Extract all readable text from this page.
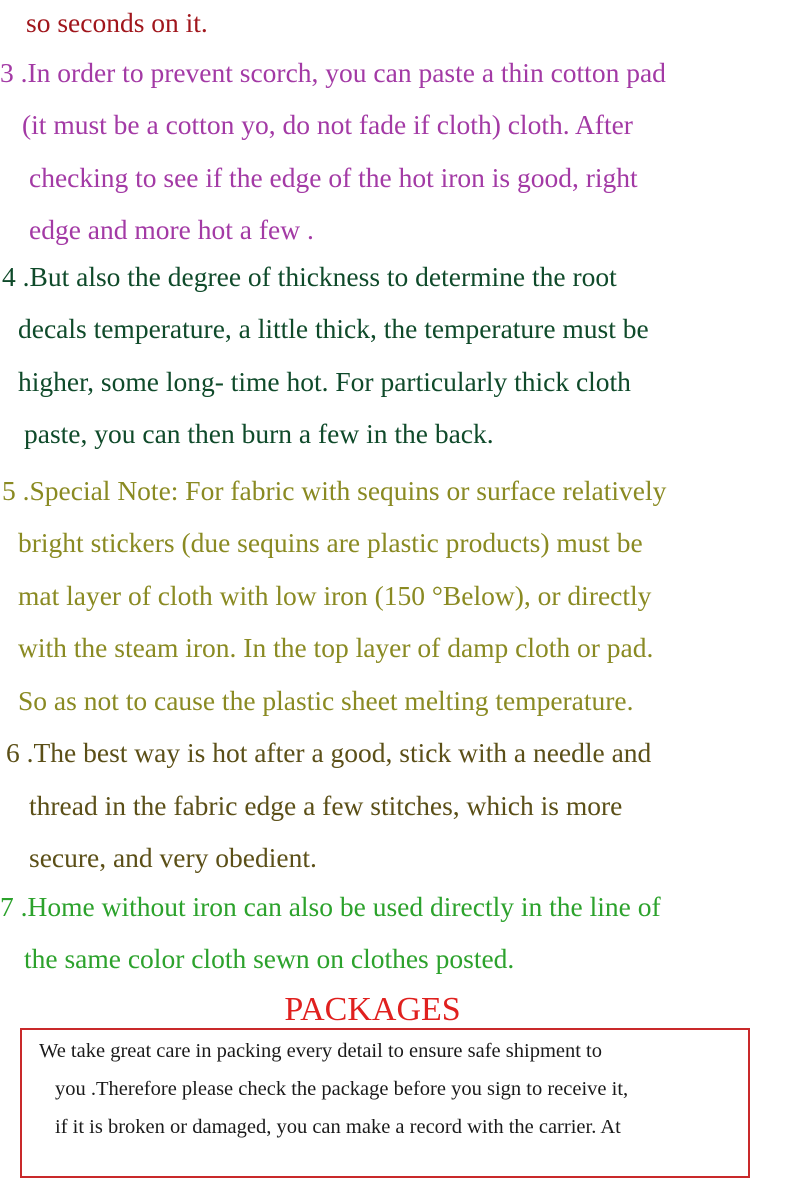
so seconds on it.
3 .In order to prevent scorch, you can paste a thin cotton pad
(it must be a cotton yo, do not fade if cloth) cloth. After
checking to see if the edge of the hot iron is good, right
edge and more hot a few .
4 .But also the degree of thickness to determine the root
decals temperature, a little thick, the temperature must be
higher, some long- time hot. For particularly thick cloth
paste, you can then burn a few in the back.
5 .Special Note: For fabric with sequins or surface relatively
bright stickers (due sequins are plastic products) must be
mat layer of cloth with low iron (150 °Below), or directly
with the steam iron. In the top layer of damp cloth or pad.
So as not to cause the plastic sheet melting temperature.
6 .The best way is hot after a good, stick with a needle and
thread in the fabric edge a few stitches, which is more
secure, and very obedient.
7 .Home without iron can also be used directly in the line of
the same color cloth sewn on clothes posted.
PACKAGES
We take great care in packing every detail to ensure safe shipment to
you .Therefore please check the package before you sign to receive it,
if it is broken or damaged, you can make a record with the carrier. At
